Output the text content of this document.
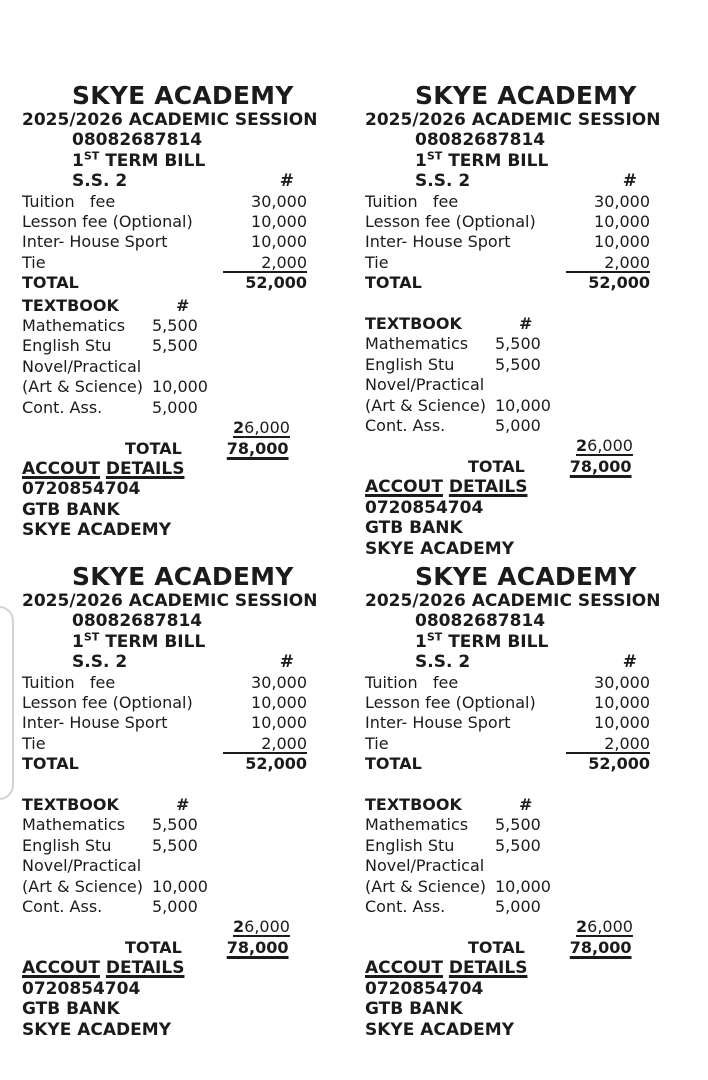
SKYE ACADEMY
2025/2026 ACADEMIC SESSION
08082687814
1ST TERM BILL
S.S. 2	#
Tuition   fee	30,000
Lesson fee (Optional)	10,000
Inter- House Sport	10,000
Tie	2,000
TOTAL	52,000
TEXTBOOK	#
Mathematics	5,500
English Stu	5,500
Novel/Practical
(Art & Science) 10,000
Cont. Ass.	5,000
26,000
TOTAL	78,000
ACCOUT DETAILS
0720854704
GTB BANK
SKYE ACADEMY
SKYE ACADEMY
2025/2026 ACADEMIC SESSION
08082687814
1ST TERM BILL
S.S. 2	#
Tuition   fee	30,000
Lesson fee (Optional)	10,000
Inter- House Sport	10,000
Tie	2,000
TOTAL	52,000
TEXTBOOK	#
Mathematics	5,500
English Stu	5,500
Novel/Practical
(Art & Science) 10,000
Cont. Ass.	5,000
26,000
TOTAL	78,000
ACCOUT DETAILS
0720854704
GTB BANK
SKYE ACADEMY
SKYE ACADEMY
2025/2026 ACADEMIC SESSION
08082687814
1ST TERM BILL
S.S. 2	#
Tuition   fee	30,000
Lesson fee (Optional)	10,000
Inter- House Sport	10,000
Tie	2,000
TOTAL	52,000
TEXTBOOK	#
Mathematics	5,500
English Stu	5,500
Novel/Practical
(Art & Science) 10,000
Cont. Ass.	5,000
26,000
TOTAL	78,000
ACCOUT DETAILS
0720854704
GTB BANK
SKYE ACADEMY
SKYE ACADEMY
2025/2026 ACADEMIC SESSION
08082687814
1ST TERM BILL
S.S. 2	#
Tuition   fee	30,000
Lesson fee (Optional)	10,000
Inter- House Sport	10,000
Tie	2,000
TOTAL	52,000
TEXTBOOK	#
Mathematics	5,500
English Stu	5,500
Novel/Practical
(Art & Science) 10,000
Cont. Ass.	5,000
26,000
TOTAL	78,000
ACCOUT DETAILS
0720854704
GTB BANK
SKYE ACADEMY
